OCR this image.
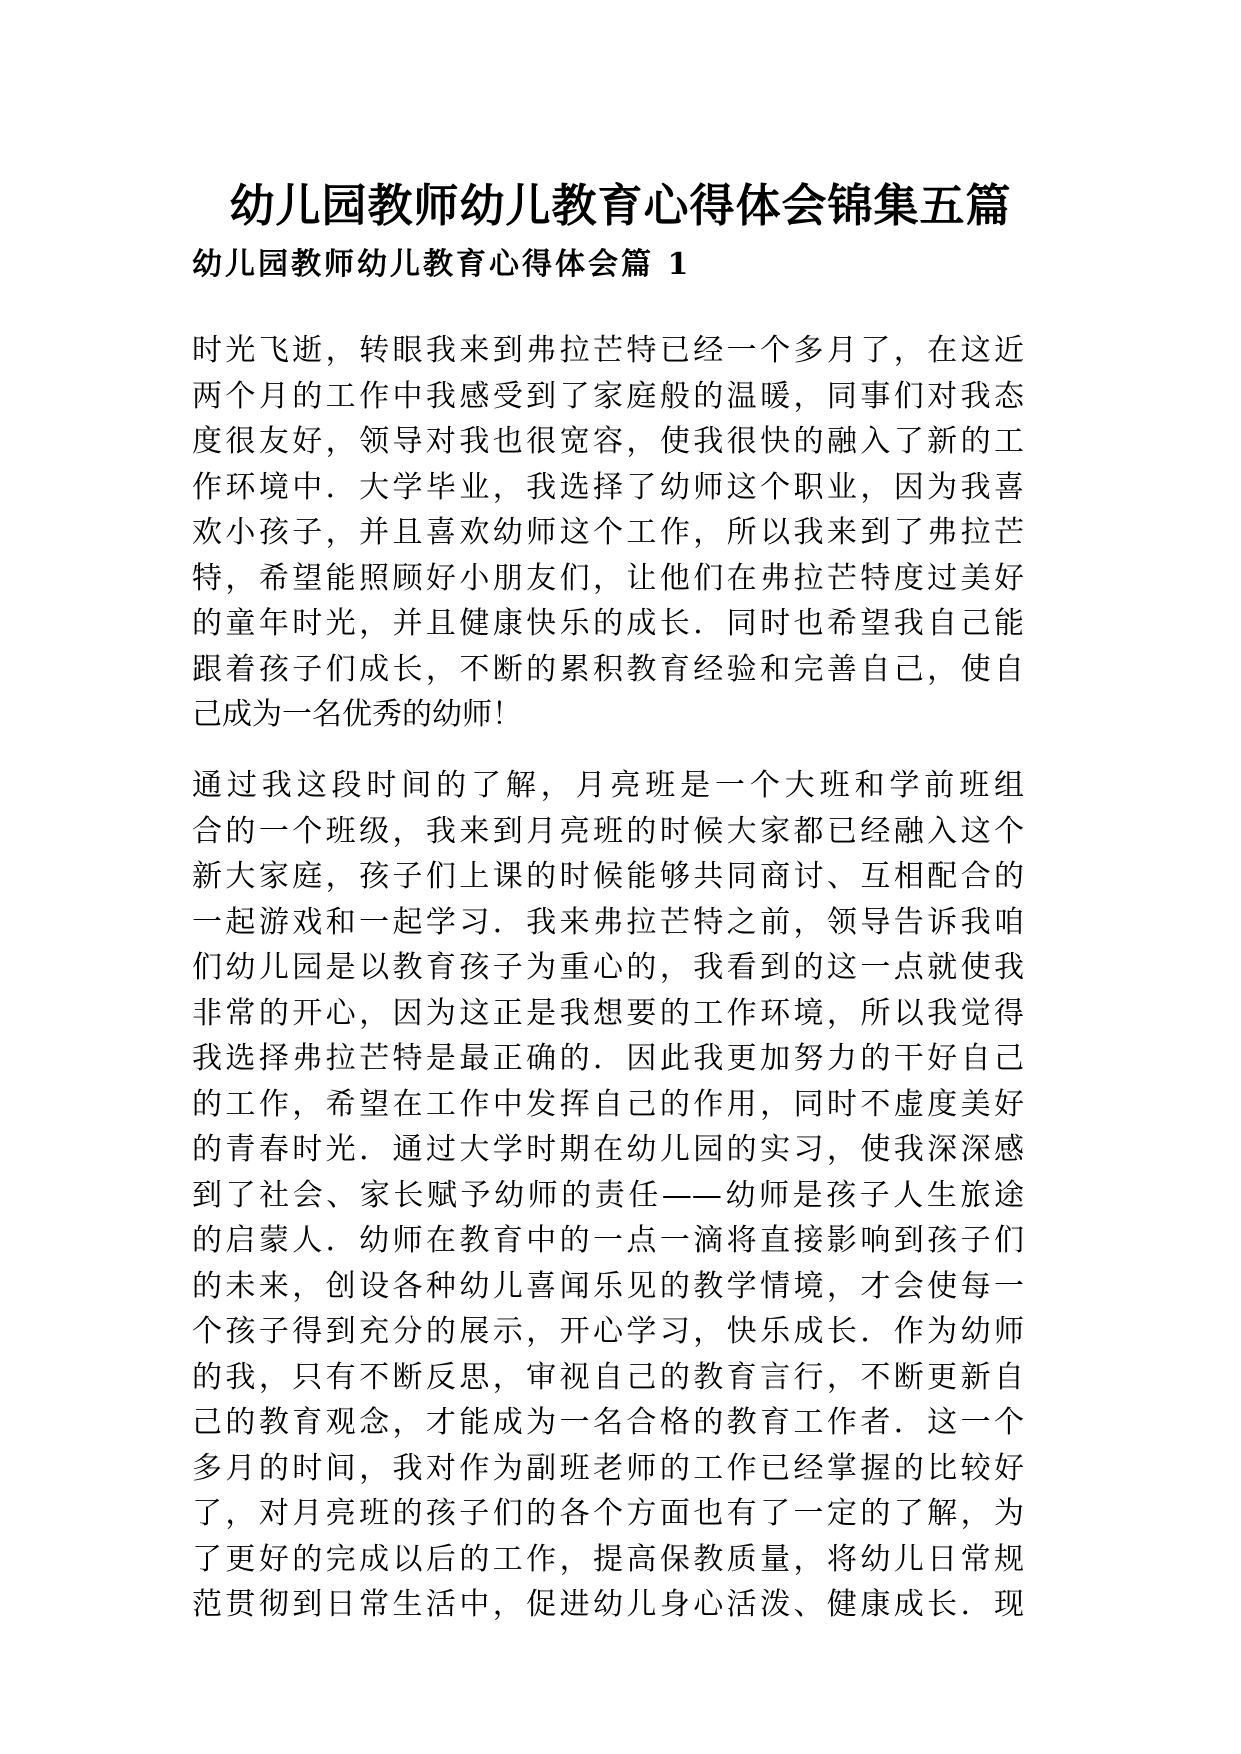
幼儿园教师幼儿教育心得体会锦集五篇
幼儿园教师幼儿教育心得体会篇 1
时光飞逝，转眼我来到弗拉芒特已经一个多月了，在这近
两个月的工作中我感受到了家庭般的温暖，同事们对我态
度很友好，领导对我也很宽容，使我很快的融入了新的工
作环境中．大学毕业，我选择了幼师这个职业，因为我喜
欢小孩子，并且喜欢幼师这个工作，所以我来到了弗拉芒
特，希望能照顾好小朋友们，让他们在弗拉芒特度过美好
的童年时光，并且健康快乐的成长．同时也希望我自己能
跟着孩子们成长，不断的累积教育经验和完善自己，使自
己成为一名优秀的幼师！
通过我这段时间的了解，月亮班是一个大班和学前班组
合的一个班级，我来到月亮班的时候大家都已经融入这个
新大家庭，孩子们上课的时候能够共同商讨、互相配合的
一起游戏和一起学习．我来弗拉芒特之前，领导告诉我咱
们幼儿园是以教育孩子为重心的，我看到的这一点就使我
非常的开心，因为这正是我想要的工作环境，所以我觉得
我选择弗拉芒特是最正确的．因此我更加努力的干好自己
的工作，希望在工作中发挥自己的作用，同时不虚度美好
的青春时光．通过大学时期在幼儿园的实习，使我深深感
到了社会、家长赋予幼师的责任——幼师是孩子人生旅途
的启蒙人．幼师在教育中的一点一滴将直接影响到孩子们
的未来，创设各种幼儿喜闻乐见的教学情境，才会使每一
个孩子得到充分的展示，开心学习，快乐成长．作为幼师
的我，只有不断反思，审视自己的教育言行，不断更新自
己的教育观念，才能成为一名合格的教育工作者．这一个
多月的时间，我对作为副班老师的工作已经掌握的比较好
了，对月亮班的孩子们的各个方面也有了一定的了解，为
了更好的完成以后的工作，提高保教质量，将幼儿日常规
范贯彻到日常生活中，促进幼儿身心活泼、健康成长．现
